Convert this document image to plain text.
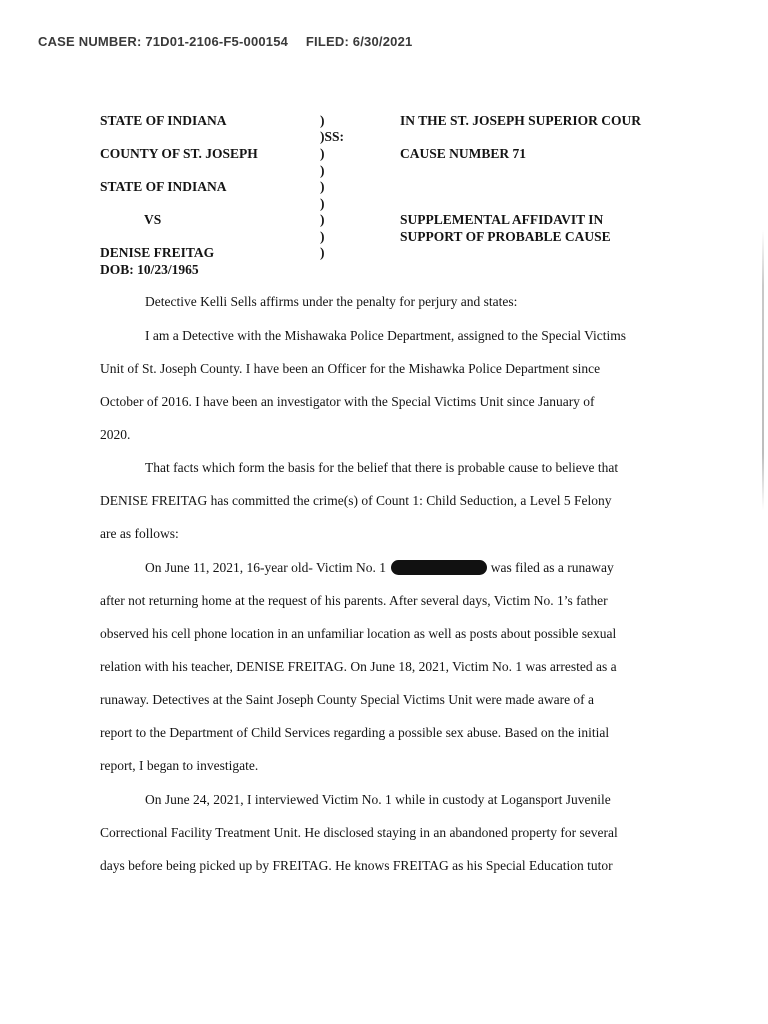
CASE NUMBER: 71D01-2106-F5-000154 FILED: 6/30/2021
STATE OF INDIANA
COUNTY OF ST. JOSEPH
STATE OF INDIANA
VS
DENISE FREITAG
DOB: 10/23/1965
)
)SS:
)
)
)
)
)
)
)
IN THE ST. JOSEPH SUPERIOR COUR
CAUSE NUMBER 71
SUPPLEMENTAL AFFIDAVIT IN
SUPPORT OF PROBABLE CAUSE
Detective Kelli Sells affirms under the penalty for perjury and states:
I am a Detective with the Mishawaka Police Department, assigned to the Special Victims
Unit of St. Joseph County. I have been an Officer for the Mishawka Police Department since
October of 2016. I have been an investigator with the Special Victims Unit since January of
2020.
That facts which form the basis for the belief that there is probable cause to believe that
DENISE FREITAG has committed the crime(s) of Count 1: Child Seduction, a Level 5 Felony
are as follows:
On June 11, 2021, 16-year old- Victim No. 1	was filed as a runaway
after not returning home at the request of his parents. After several days, Victim No. 1’s father
observed his cell phone location in an unfamiliar location as well as posts about possible sexual
relation with his teacher, DENISE FREITAG. On June 18, 2021, Victim No. 1 was arrested as a
runaway. Detectives at the Saint Joseph County Special Victims Unit were made aware of a
report to the Department of Child Services regarding a possible sex abuse. Based on the initial
report, I began to investigate.
On June 24, 2021, I interviewed Victim No. 1 while in custody at Logansport Juvenile
Correctional Facility Treatment Unit. He disclosed staying in an abandoned property for several
days before being picked up by FREITAG. He knows FREITAG as his Special Education tutor
